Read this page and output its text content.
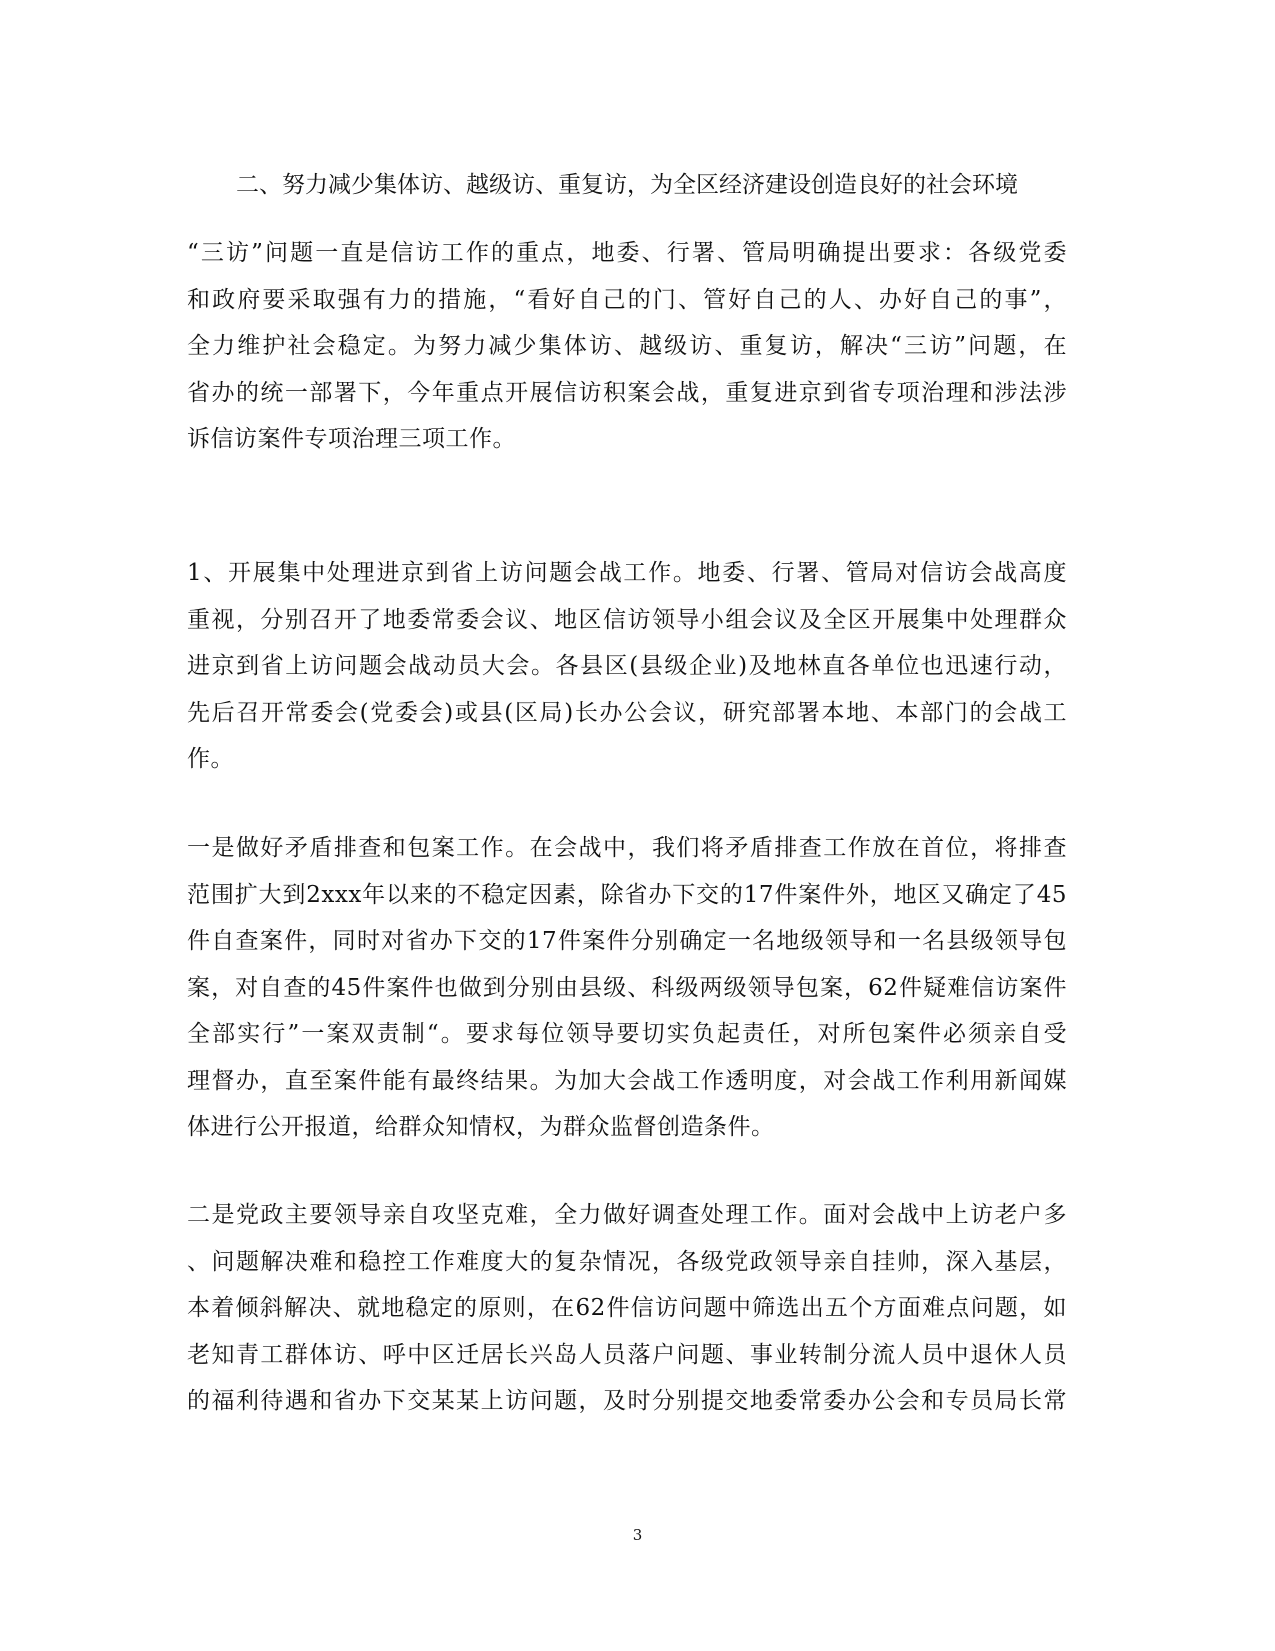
二、努力减少集体访、越级访、重复访，为全区经济建设创造良好的社会环境
“三访”问题一直是信访工作的重点，地委、行署、管局明确提出要求：各级党委
和政府要采取强有力的措施，“看好自己的门、管好自己的人、办好自己的事”，
全力维护社会稳定。为努力减少集体访、越级访、重复访，解决“三访”问题，在
省办的统一部署下，今年重点开展信访积案会战，重复进京到省专项治理和涉法涉
诉信访案件专项治理三项工作。
1、开展集中处理进京到省上访问题会战工作。地委、行署、管局对信访会战高度
重视，分别召开了地委常委会议、地区信访领导小组会议及全区开展集中处理群众
进京到省上访问题会战动员大会。各县区(县级企业)及地林直各单位也迅速行动，
先后召开常委会(党委会)或县(区局)长办公会议，研究部署本地、本部门的会战工
作。
一是做好矛盾排查和包案工作。在会战中，我们将矛盾排查工作放在首位，将排查
范围扩大到2xxx年以来的不稳定因素，除省办下交的17件案件外，地区又确定了45
件自查案件，同时对省办下交的17件案件分别确定一名地级领导和一名县级领导包
案，对自查的45件案件也做到分别由县级、科级两级领导包案，62件疑难信访案件
全部实行”一案双责制“。要求每位领导要切实负起责任，对所包案件必须亲自受
理督办，直至案件能有最终结果。为加大会战工作透明度，对会战工作利用新闻媒
体进行公开报道，给群众知情权，为群众监督创造条件。
二是党政主要领导亲自攻坚克难，全力做好调查处理工作。面对会战中上访老户多
、问题解决难和稳控工作难度大的复杂情况，各级党政领导亲自挂帅，深入基层，
本着倾斜解决、就地稳定的原则，在62件信访问题中筛选出五个方面难点问题，如
老知青工群体访、呼中区迁居长兴岛人员落户问题、事业转制分流人员中退休人员
的福利待遇和省办下交某某上访问题，及时分别提交地委常委办公会和专员局长常
3
